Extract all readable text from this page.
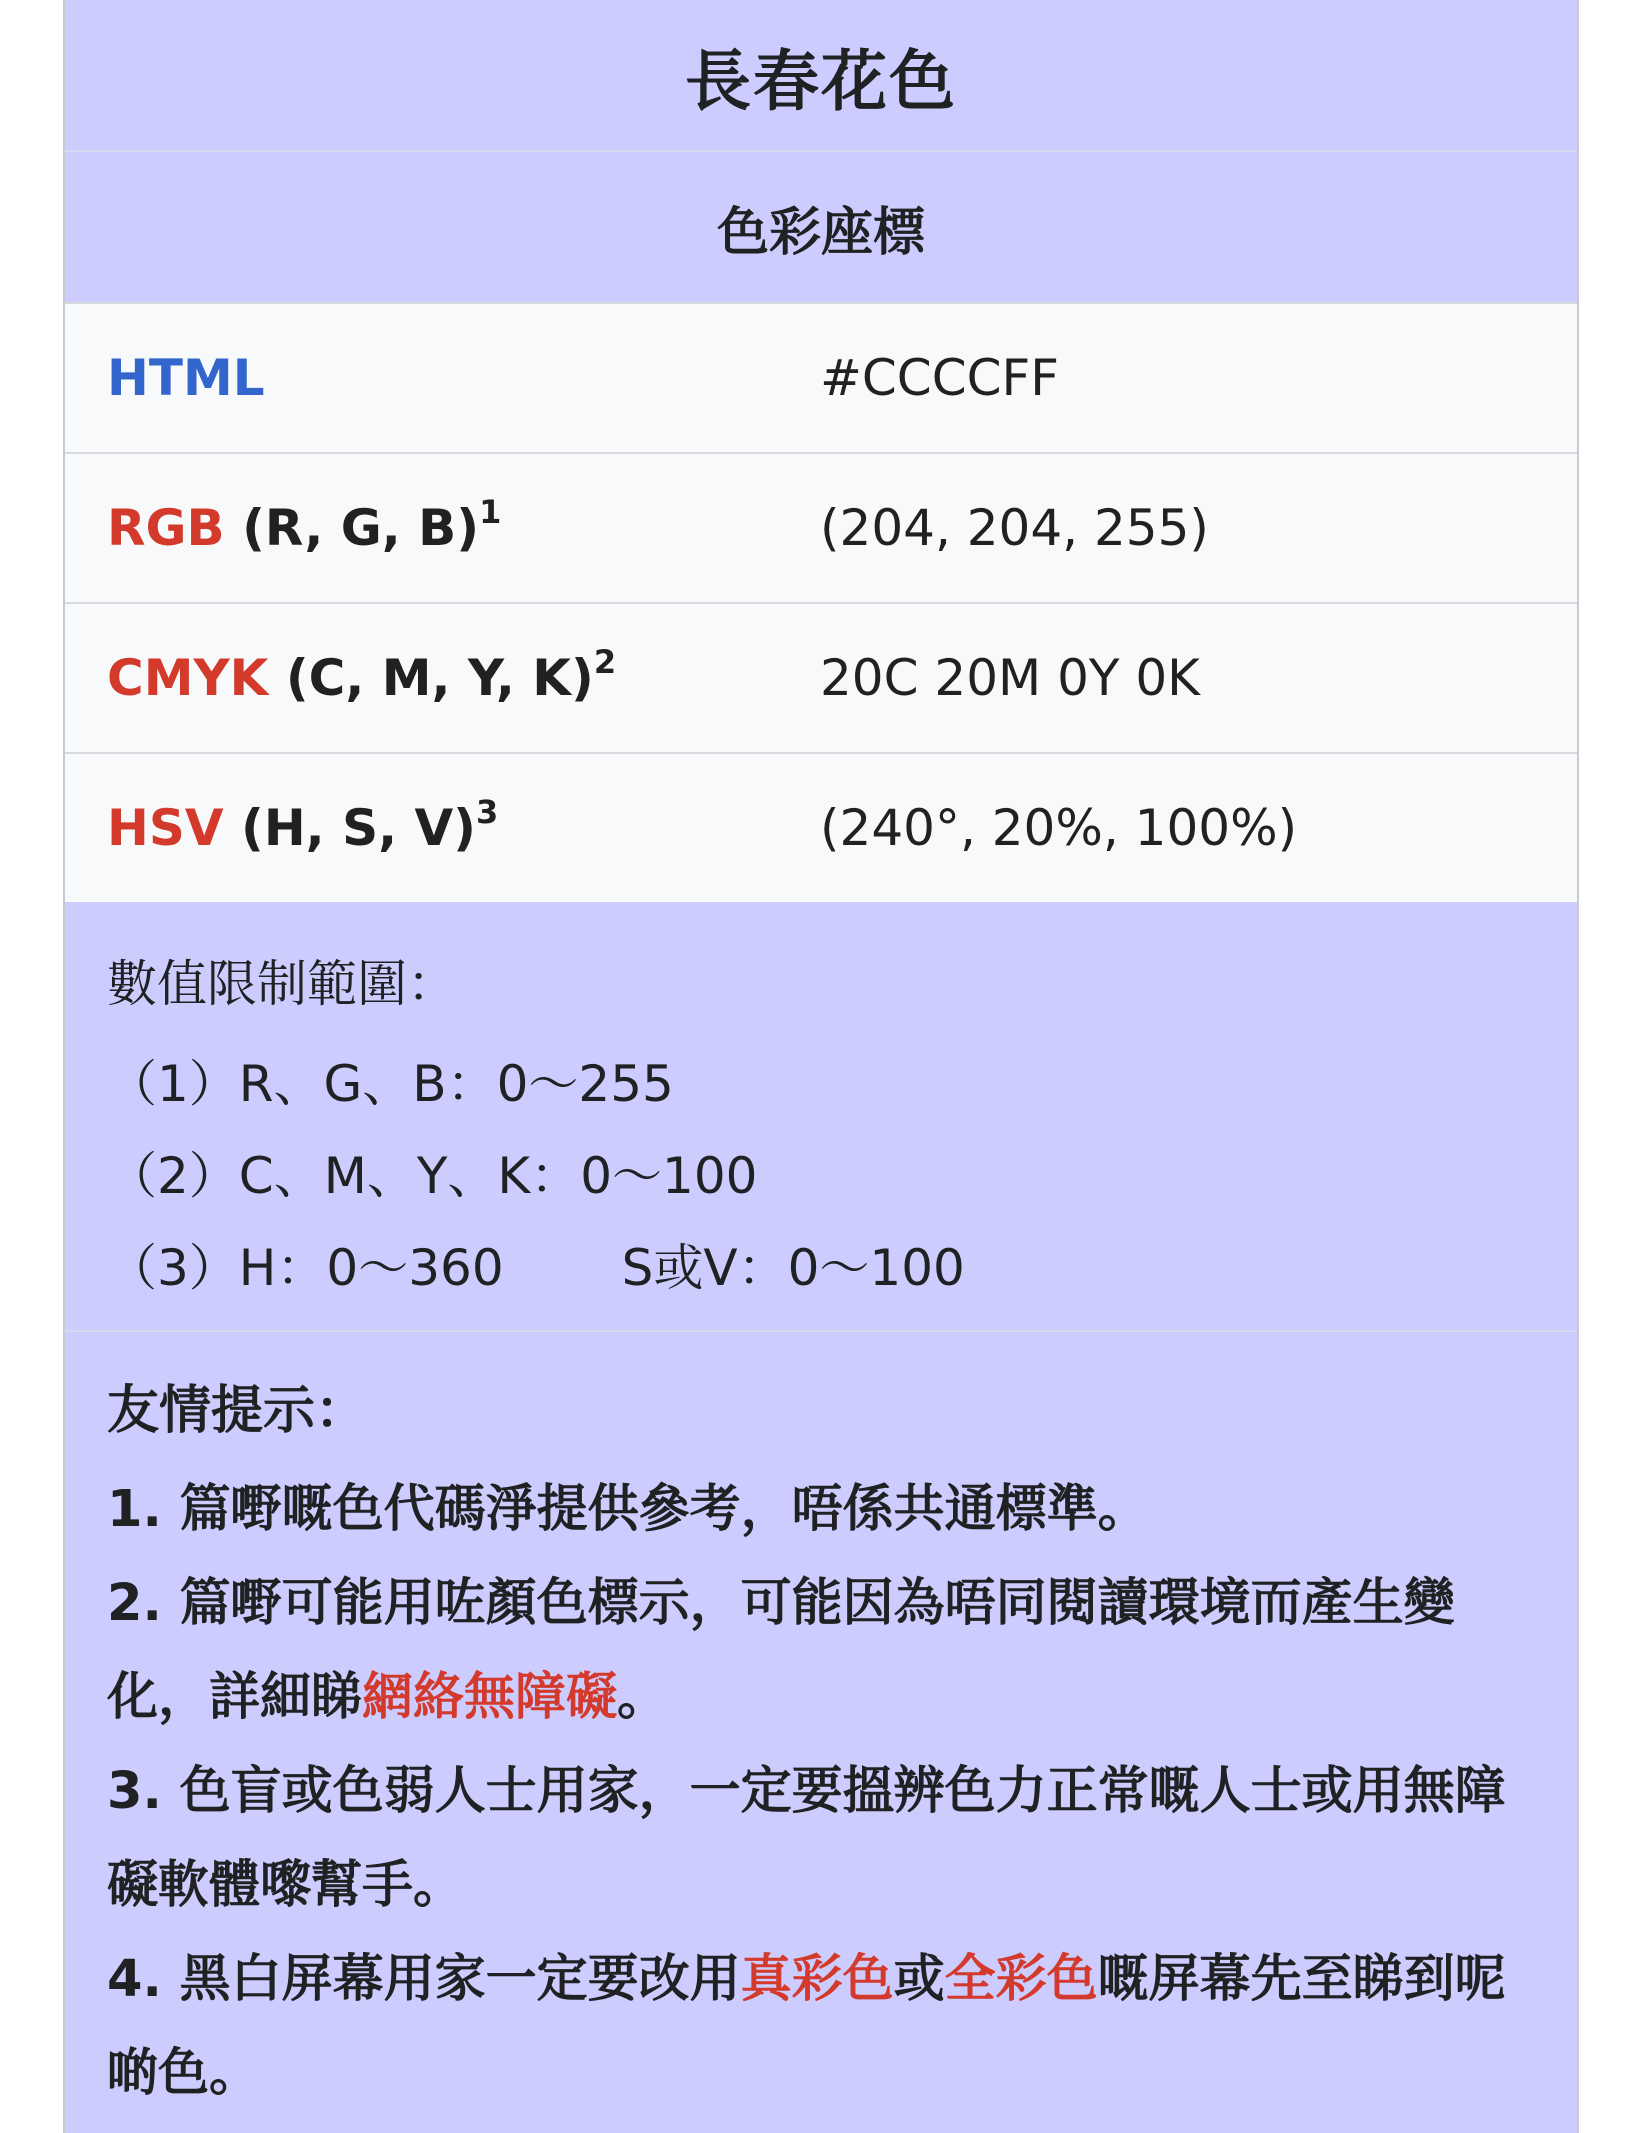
長春花色
色彩座標
HTML	#CCCCFF
RGB (R, G, B)$^1$	(204, 204, 255)
CMYK (C, M, Y, K)$^2$	20C 20M 0Y 0K
HSV (H, S, V)$^3$	(240°, 20%, 100%)
數值限制範圍：
（1）R、G、B：0～255
（2）C、M、Y、K：0～100
（3）H：0～360 S或V：0～100
友情提示：
1. 篇嘢嘅色代碼淨提供參考，唔係共通標準。
2. 篇嘢可能用咗顏色標示，可能因為唔同閱讀環境而產生變化，詳細睇網絡無障礙。
3. 色盲或色弱人士用家，一定要搵辨色力正常嘅人士或用無障礙軟體嚟幫手。
4. 黑白屏幕用家一定要改用真彩色或全彩色嘅屏幕先至睇到呢啲色。
